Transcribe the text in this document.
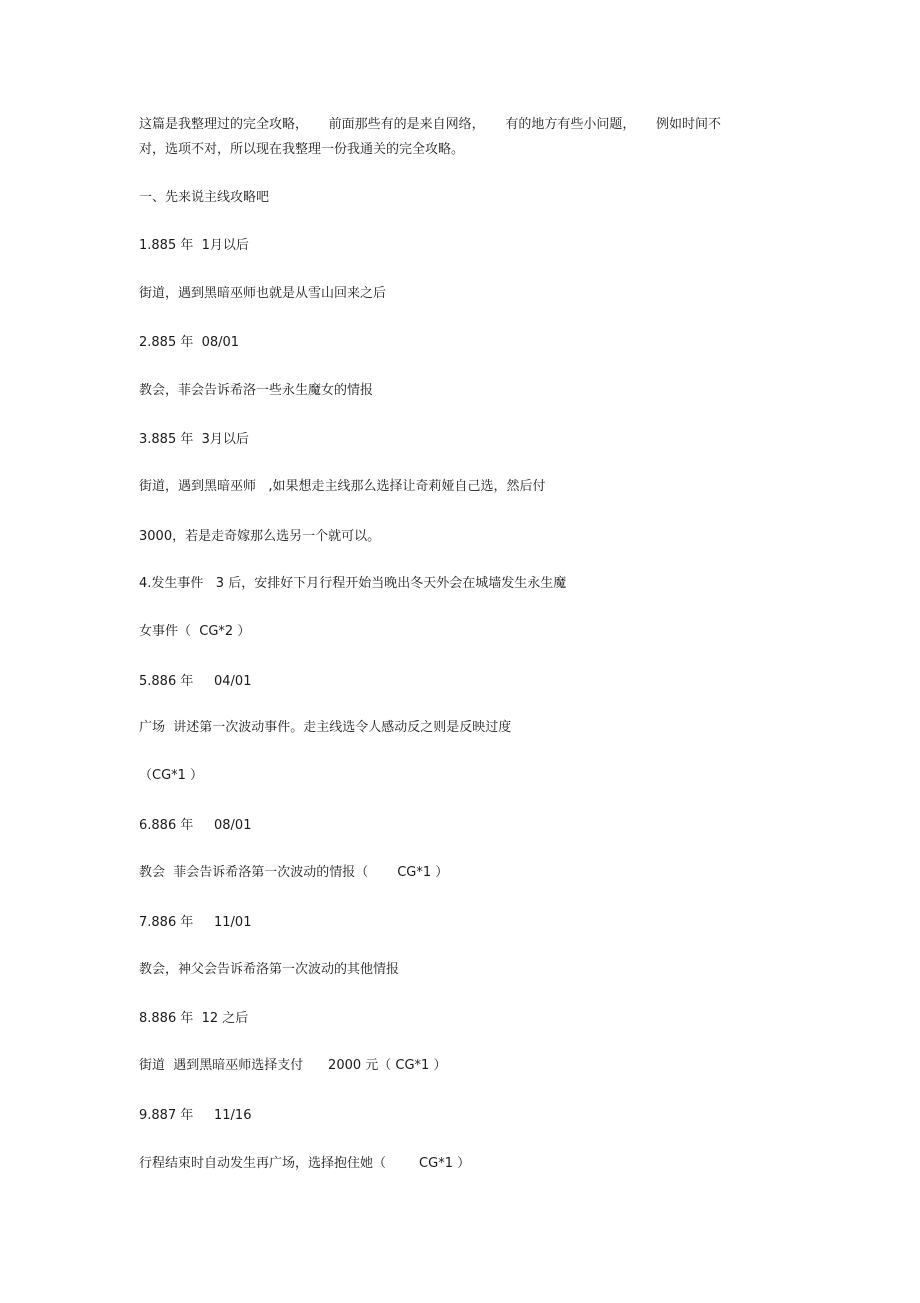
这篇是我整理过的完全攻略，     前面那些有的是来自网络，     有的地方有些小问题，     例如时间不
对，选项不对，所以现在我整理一份我通关的完全攻略。
一、先来说主线攻略吧
1.885 年  1月以后
街道，遇到黑暗巫师也就是从雪山回来之后
2.885 年  08/01
教会，菲会告诉希洛一些永生魔女的情报
3.885 年  3月以后
街道，遇到黑暗巫师   ,如果想走主线那么选择让奇莉娅自己选，然后付
3000，若是走奇嫁那么选另一个就可以。
4.发生事件   3 后，安排好下月行程开始当晚出冬天外会在城墙发生永生魔
女事件（  CG*2 ）
5.886 年     04/01
广场  讲述第一次波动事件。走主线选令人感动反之则是反映过度
（CG*1 ）
6.886 年     08/01
教会  菲会告诉希洛第一次波动的情报（       CG*1 ）
7.886 年     11/01
教会，神父会告诉希洛第一次波动的其他情报
8.886 年  12 之后
街道  遇到黑暗巫师选择支付      2000 元（ CG*1 ）
9.887 年     11/16
行程结束时自动发生再广场，选择抱住她（        CG*1 ）
